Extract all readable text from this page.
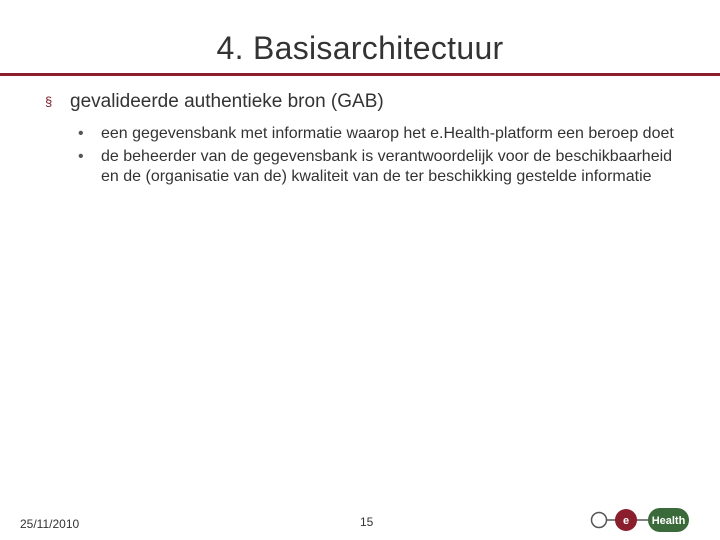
4. Basisarchitectuur
§ gevalideerde authentieke bron (GAB)
• een gegevensbank met informatie waarop het e.Health-platform een beroep doet
• de beheerder van de gegevensbank is verantwoordelijk voor de beschikbaarheid en de (organisatie van de) kwaliteit van de ter beschikking gestelde informatie
25/11/2010	15	e Health
